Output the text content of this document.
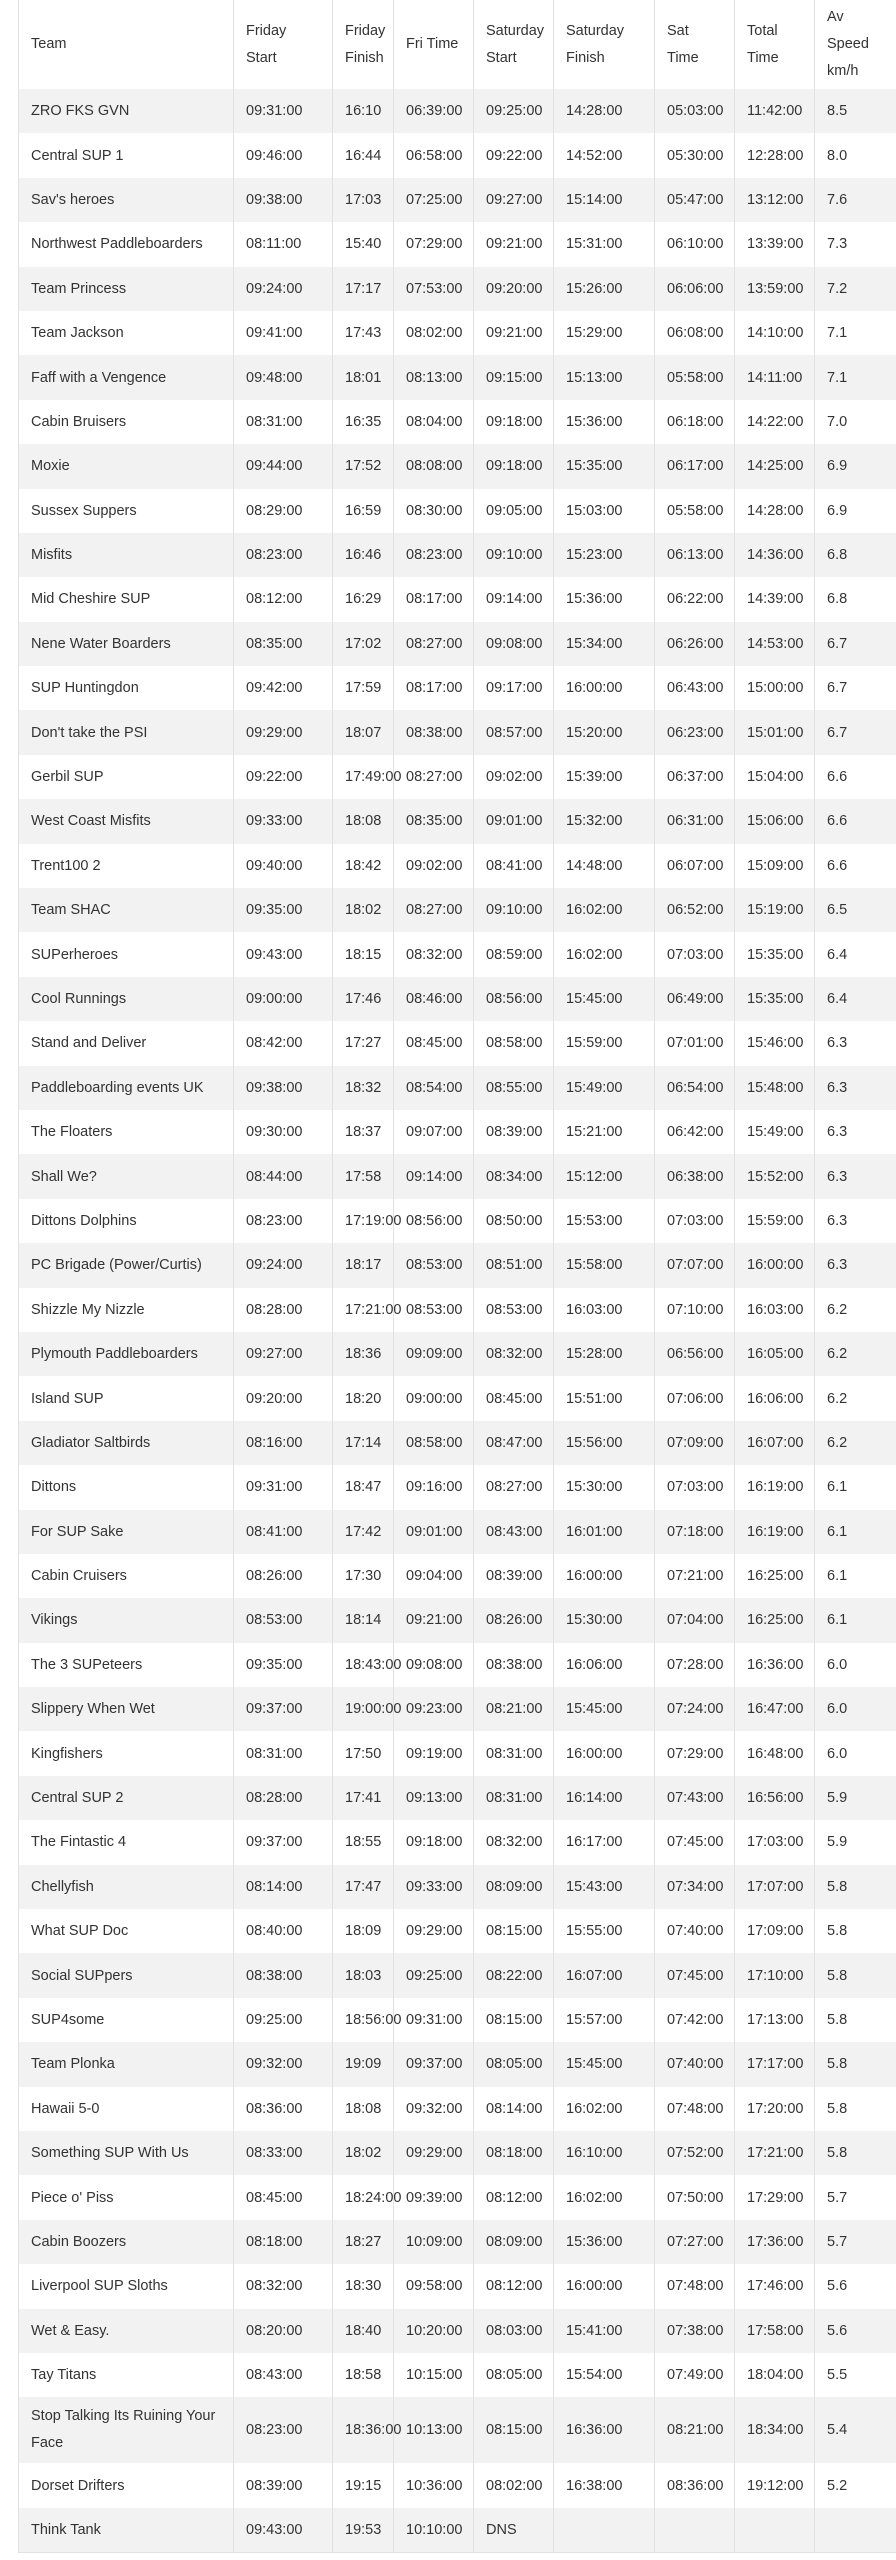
Team	Friday Start	Friday Finish	Fri Time	Saturday Start	Saturday Finish	Sat Time	Total Time	Av Speed km/h
ZRO FKS GVN	09:31:00	16:10	06:39:00	09:25:00	14:28:00	05:03:00	11:42:00	8.5
Central SUP 1	09:46:00	16:44	06:58:00	09:22:00	14:52:00	05:30:00	12:28:00	8.0
Sav's heroes	09:38:00	17:03	07:25:00	09:27:00	15:14:00	05:47:00	13:12:00	7.6
Northwest Paddleboarders	08:11:00	15:40	07:29:00	09:21:00	15:31:00	06:10:00	13:39:00	7.3
Team Princess	09:24:00	17:17	07:53:00	09:20:00	15:26:00	06:06:00	13:59:00	7.2
Team Jackson	09:41:00	17:43	08:02:00	09:21:00	15:29:00	06:08:00	14:10:00	7.1
Faff with a Vengence	09:48:00	18:01	08:13:00	09:15:00	15:13:00	05:58:00	14:11:00	7.1
Cabin Bruisers	08:31:00	16:35	08:04:00	09:18:00	15:36:00	06:18:00	14:22:00	7.0
Moxie	09:44:00	17:52	08:08:00	09:18:00	15:35:00	06:17:00	14:25:00	6.9
Sussex Suppers	08:29:00	16:59	08:30:00	09:05:00	15:03:00	05:58:00	14:28:00	6.9
Misfits	08:23:00	16:46	08:23:00	09:10:00	15:23:00	06:13:00	14:36:00	6.8
Mid Cheshire SUP	08:12:00	16:29	08:17:00	09:14:00	15:36:00	06:22:00	14:39:00	6.8
Nene Water Boarders	08:35:00	17:02	08:27:00	09:08:00	15:34:00	06:26:00	14:53:00	6.7
SUP Huntingdon	09:42:00	17:59	08:17:00	09:17:00	16:00:00	06:43:00	15:00:00	6.7
Don't take the PSI	09:29:00	18:07	08:38:00	08:57:00	15:20:00	06:23:00	15:01:00	6.7
Gerbil SUP	09:22:00	17:49:00	08:27:00	09:02:00	15:39:00	06:37:00	15:04:00	6.6
West Coast Misfits	09:33:00	18:08	08:35:00	09:01:00	15:32:00	06:31:00	15:06:00	6.6
Trent100 2	09:40:00	18:42	09:02:00	08:41:00	14:48:00	06:07:00	15:09:00	6.6
Team SHAC	09:35:00	18:02	08:27:00	09:10:00	16:02:00	06:52:00	15:19:00	6.5
SUPerheroes	09:43:00	18:15	08:32:00	08:59:00	16:02:00	07:03:00	15:35:00	6.4
Cool Runnings	09:00:00	17:46	08:46:00	08:56:00	15:45:00	06:49:00	15:35:00	6.4
Stand and Deliver	08:42:00	17:27	08:45:00	08:58:00	15:59:00	07:01:00	15:46:00	6.3
Paddleboarding events UK	09:38:00	18:32	08:54:00	08:55:00	15:49:00	06:54:00	15:48:00	6.3
The Floaters	09:30:00	18:37	09:07:00	08:39:00	15:21:00	06:42:00	15:49:00	6.3
Shall We?	08:44:00	17:58	09:14:00	08:34:00	15:12:00	06:38:00	15:52:00	6.3
Dittons Dolphins	08:23:00	17:19:00	08:56:00	08:50:00	15:53:00	07:03:00	15:59:00	6.3
PC Brigade (Power/Curtis)	09:24:00	18:17	08:53:00	08:51:00	15:58:00	07:07:00	16:00:00	6.3
Shizzle My Nizzle	08:28:00	17:21:00	08:53:00	08:53:00	16:03:00	07:10:00	16:03:00	6.2
Plymouth Paddleboarders	09:27:00	18:36	09:09:00	08:32:00	15:28:00	06:56:00	16:05:00	6.2
Island SUP	09:20:00	18:20	09:00:00	08:45:00	15:51:00	07:06:00	16:06:00	6.2
Gladiator Saltbirds	08:16:00	17:14	08:58:00	08:47:00	15:56:00	07:09:00	16:07:00	6.2
Dittons	09:31:00	18:47	09:16:00	08:27:00	15:30:00	07:03:00	16:19:00	6.1
For SUP Sake	08:41:00	17:42	09:01:00	08:43:00	16:01:00	07:18:00	16:19:00	6.1
Cabin Cruisers	08:26:00	17:30	09:04:00	08:39:00	16:00:00	07:21:00	16:25:00	6.1
Vikings	08:53:00	18:14	09:21:00	08:26:00	15:30:00	07:04:00	16:25:00	6.1
The 3 SUPeteers	09:35:00	18:43:00	09:08:00	08:38:00	16:06:00	07:28:00	16:36:00	6.0
Slippery When Wet	09:37:00	19:00:00	09:23:00	08:21:00	15:45:00	07:24:00	16:47:00	6.0
Kingfishers	08:31:00	17:50	09:19:00	08:31:00	16:00:00	07:29:00	16:48:00	6.0
Central SUP 2	08:28:00	17:41	09:13:00	08:31:00	16:14:00	07:43:00	16:56:00	5.9
The Fintastic 4	09:37:00	18:55	09:18:00	08:32:00	16:17:00	07:45:00	17:03:00	5.9
Chellyfish	08:14:00	17:47	09:33:00	08:09:00	15:43:00	07:34:00	17:07:00	5.8
What SUP Doc	08:40:00	18:09	09:29:00	08:15:00	15:55:00	07:40:00	17:09:00	5.8
Social SUPpers	08:38:00	18:03	09:25:00	08:22:00	16:07:00	07:45:00	17:10:00	5.8
SUP4some	09:25:00	18:56:00	09:31:00	08:15:00	15:57:00	07:42:00	17:13:00	5.8
Team Plonka	09:32:00	19:09	09:37:00	08:05:00	15:45:00	07:40:00	17:17:00	5.8
Hawaii 5-0	08:36:00	18:08	09:32:00	08:14:00	16:02:00	07:48:00	17:20:00	5.8
Something SUP With Us	08:33:00	18:02	09:29:00	08:18:00	16:10:00	07:52:00	17:21:00	5.8
Piece o' Piss	08:45:00	18:24:00	09:39:00	08:12:00	16:02:00	07:50:00	17:29:00	5.7
Cabin Boozers	08:18:00	18:27	10:09:00	08:09:00	15:36:00	07:27:00	17:36:00	5.7
Liverpool SUP Sloths	08:32:00	18:30	09:58:00	08:12:00	16:00:00	07:48:00	17:46:00	5.6
Wet & Easy.	08:20:00	18:40	10:20:00	08:03:00	15:41:00	07:38:00	17:58:00	5.6
Tay Titans	08:43:00	18:58	10:15:00	08:05:00	15:54:00	07:49:00	18:04:00	5.5
Stop Talking Its Ruining Your Face	08:23:00	18:36:00	10:13:00	08:15:00	16:36:00	08:21:00	18:34:00	5.4
Dorset Drifters	08:39:00	19:15	10:36:00	08:02:00	16:38:00	08:36:00	19:12:00	5.2
Think Tank	09:43:00	19:53	10:10:00	DNS				
